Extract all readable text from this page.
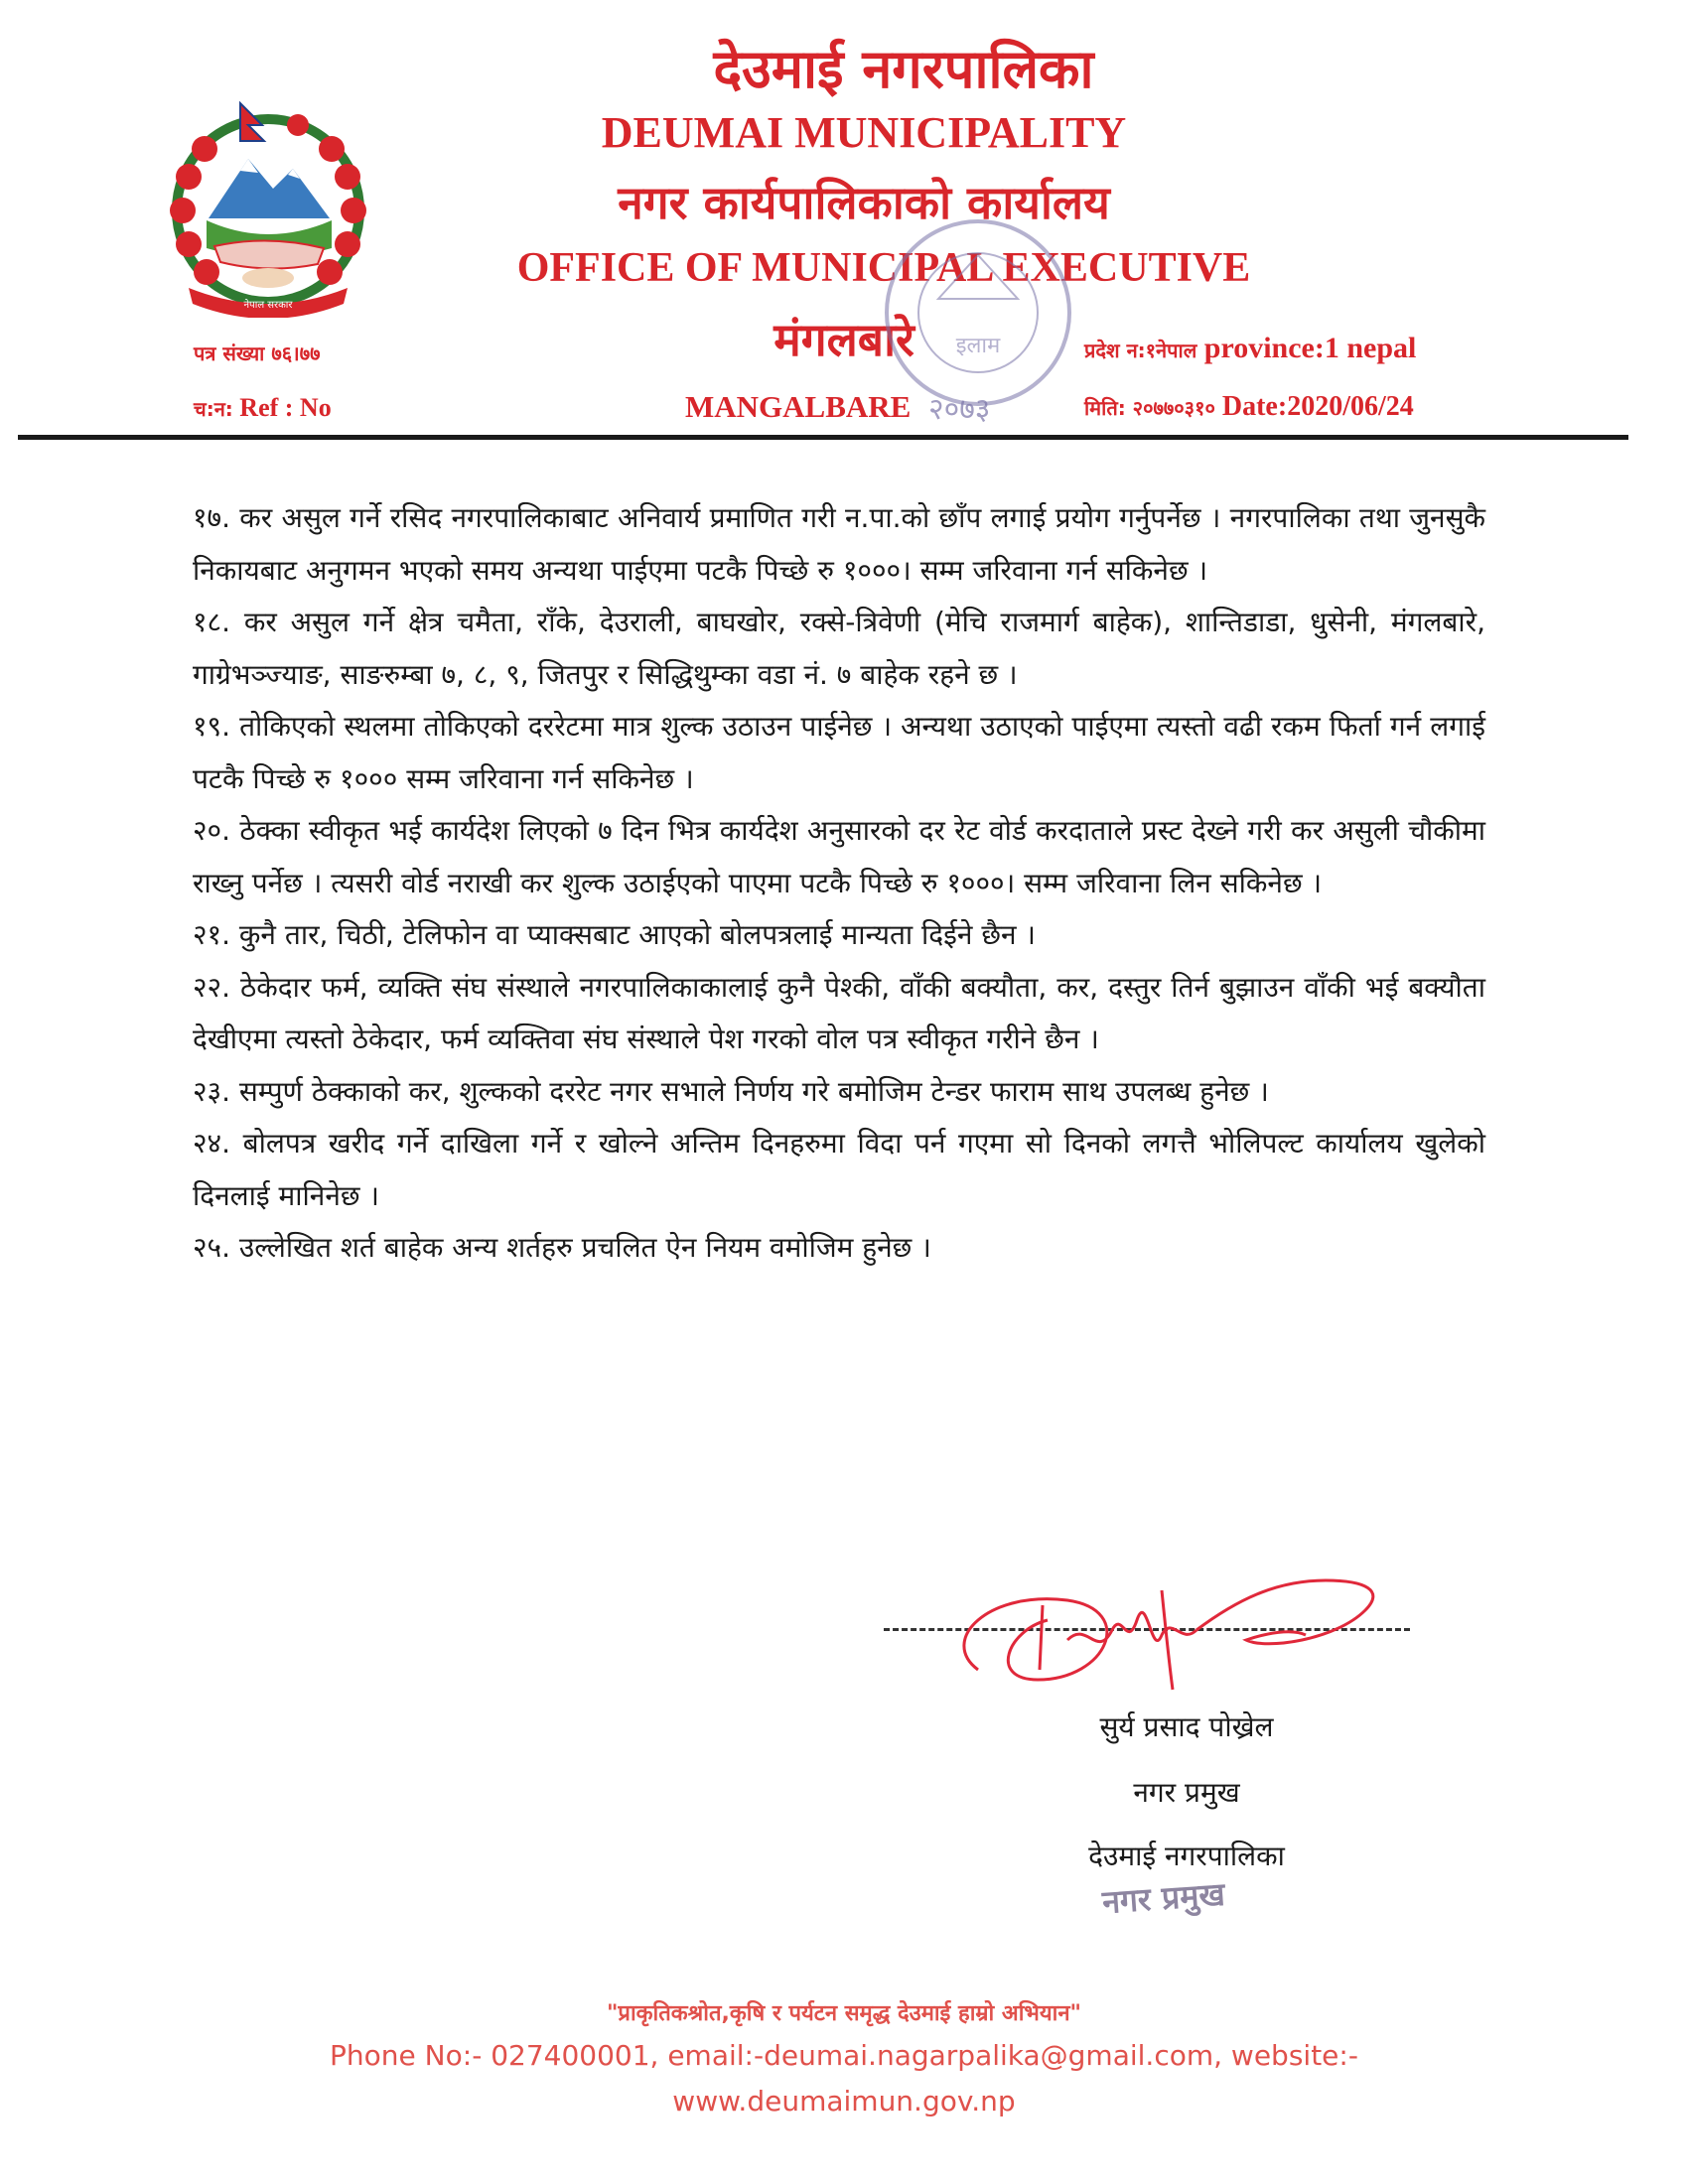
नेपाल सरकार
देउमाई नगरपालिका
DEUMAI MUNICIPALITY
नगर कार्यपालिकाको कार्यालय
OFFICE OF MUNICIPAL EXECUTIVE
मंगलबारे	इलाम
पत्र संख्या ७६।७७
च:न: Ref : No	MANGALBARE २०७३
प्रदेश न:१नेपाल province:1 nepal
मिति: २०७७०३१० Date:2020/06/24

१७. कर असुल गर्ने रसिद नगरपालिकाबाट अनिवार्य प्रमाणित गरी न.पा.को छाँप लगाई प्रयोग गर्नुपर्नेछ । नगरपालिका तथा जुनसुकै निकायबाट अनुगमन भएको समय अन्यथा पाईएमा पटकै पिच्छे रु १०००। सम्म जरिवाना गर्न सकिनेछ ।

१८. कर असुल गर्ने क्षेत्र चमैता, राँके, देउराली, बाघखोर, रक्से-त्रिवेणी (मेचि राजमार्ग बाहेक), शान्तिडाडा, धुसेनी, मंगलबारे, गाग्रेभञ्ज्याङ, साङरुम्बा ७, ८, ९, जितपुर र सिद्धिथुम्का वडा नं. ७ बाहेक रहने छ ।

१९. तोकिएको स्थलमा तोकिएको दररेटमा मात्र शुल्क उठाउन पाईनेछ । अन्यथा उठाएको पाईएमा त्यस्तो वढी रकम फिर्ता गर्न लगाई पटकै पिच्छे रु १००० सम्म जरिवाना गर्न सकिनेछ ।

२०. ठेक्का स्वीकृत भई कार्यदेश लिएको ७ दिन भित्र कार्यदेश अनुसारको दर रेट वोर्ड करदाताले प्रस्ट देख्ने गरी कर असुली चौकीमा राख्नु पर्नेछ । त्यसरी वोर्ड नराखी कर शुल्क उठाईएको पाएमा पटकै पिच्छे रु १०००। सम्म जरिवाना लिन सकिनेछ ।

२१. कुनै तार, चिठी, टेलिफोन वा प्याक्सबाट आएको बोलपत्रलाई मान्यता दिईने छैन ।

२२. ठेकेदार फर्म, व्यक्ति संघ संस्थाले नगरपालिकाकालाई कुनै पेश्की, वाँकी बक्यौता, कर, दस्तुर तिर्न बुझाउन वाँकी भई बक्यौता देखीएमा त्यस्तो ठेकेदार, फर्म व्यक्तिवा संघ संस्थाले पेश गरको वोल पत्र स्वीकृत गरीने छैन ।

२३. सम्पुर्ण ठेक्काको कर, शुल्कको दररेट नगर सभाले निर्णय गरे बमोजिम टेन्डर फाराम साथ उपलब्ध हुनेछ ।

२४. बोलपत्र खरीद गर्ने दाखिला गर्ने र खोल्ने अन्तिम दिनहरुमा विदा पर्न गएमा सो दिनको लगत्तै भोलिपल्ट कार्यालय खुलेको दिनलाई मानिनेछ ।

२५. उल्लेखित शर्त बाहेक अन्य शर्तहरु प्रचलित ऐन नियम वमोजिम हुनेछ ।

सुर्य प्रसाद पोख्रेल
नगर प्रमुख
देउमाई नगरपालिका
नगर प्रमुख
"प्राकृतिकश्रोत,कृषि र पर्यटन समृद्ध देउमाई हाम्रो अभियान"
Phone No:- 027400001, email:-deumai.nagarpalika@gmail.com, website:-
www.deumaimun.gov.np
